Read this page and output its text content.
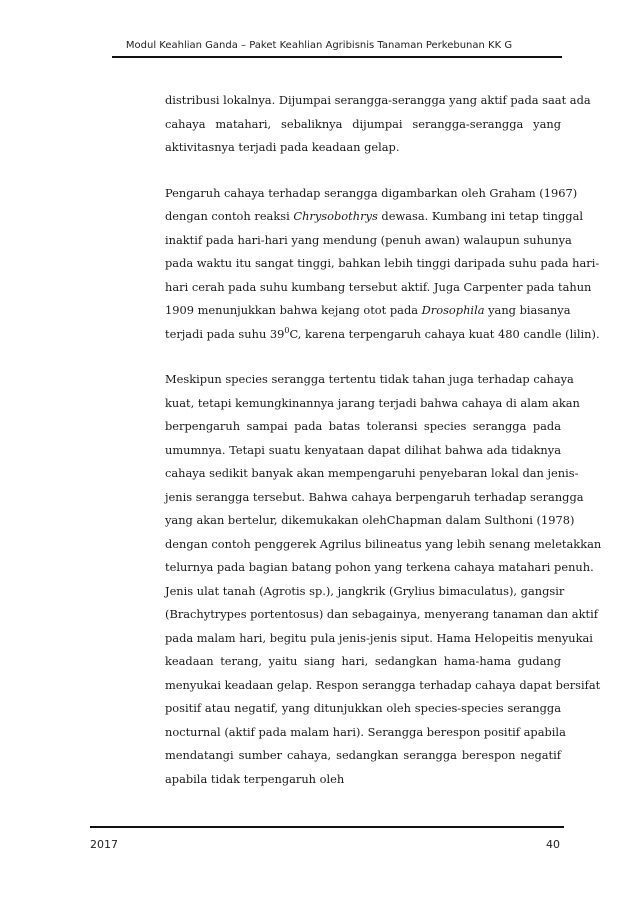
Modul Keahlian Ganda – Paket Keahlian Agribisnis Tanaman Perkebunan KK G
distribusi lokalnya. Dijumpai serangga-serangga yang aktif pada saat ada
cahaya matahari, sebaliknya dijumpai serangga-serangga yang
aktivitasnya terjadi pada keadaan gelap.
Pengaruh cahaya terhadap serangga digambarkan oleh Graham (1967)
dengan contoh reaksi Chrysobothrys dewasa. Kumbang ini tetap tinggal
inaktif pada hari-hari yang mendung (penuh awan) walaupun suhunya
pada waktu itu sangat tinggi, bahkan lebih tinggi daripada suhu pada hari-
hari cerah pada suhu kumbang tersebut aktif. Juga Carpenter pada tahun
1909 menunjukkan bahwa kejang otot pada Drosophila yang biasanya
terjadi pada suhu $39^0C$, karena terpengaruh cahaya kuat 480 candle (lilin).
Meskipun species serangga tertentu tidak tahan juga terhadap cahaya
kuat, tetapi kemungkinannya jarang terjadi bahwa cahaya di alam akan
berpengaruh sampai pada batas toleransi species serangga pada
umumnya. Tetapi suatu kenyataan dapat dilihat bahwa ada tidaknya
cahaya sedikit banyak akan mempengaruhi penyebaran lokal dan jenis-
jenis serangga tersebut. Bahwa cahaya berpengaruh terhadap serangga
yang akan bertelur, dikemukakan olehChapman dalam Sulthoni (1978)
dengan contoh penggerek Agrilus bilineatus yang lebih senang meletakkan
telurnya pada bagian batang pohon yang terkena cahaya matahari penuh.
Jenis ulat tanah (Agrotis sp.), jangkrik (Grylius bimaculatus), gangsir
(Brachytrypes portentosus) dan sebagainya, menyerang tanaman dan aktif
pada malam hari, begitu pula jenis-jenis siput. Hama Helopeitis menyukai
keadaan terang, yaitu siang hari, sedangkan hama-hama gudang
menyukai keadaan gelap. Respon serangga terhadap cahaya dapat bersifat
positif atau negatif, yang ditunjukkan oleh species-species serangga
nocturnal (aktif pada malam hari). Serangga berespon positif apabila
mendatangi sumber cahaya, sedangkan serangga berespon negatif
apabila tidak terpengaruh oleh
2017	40
